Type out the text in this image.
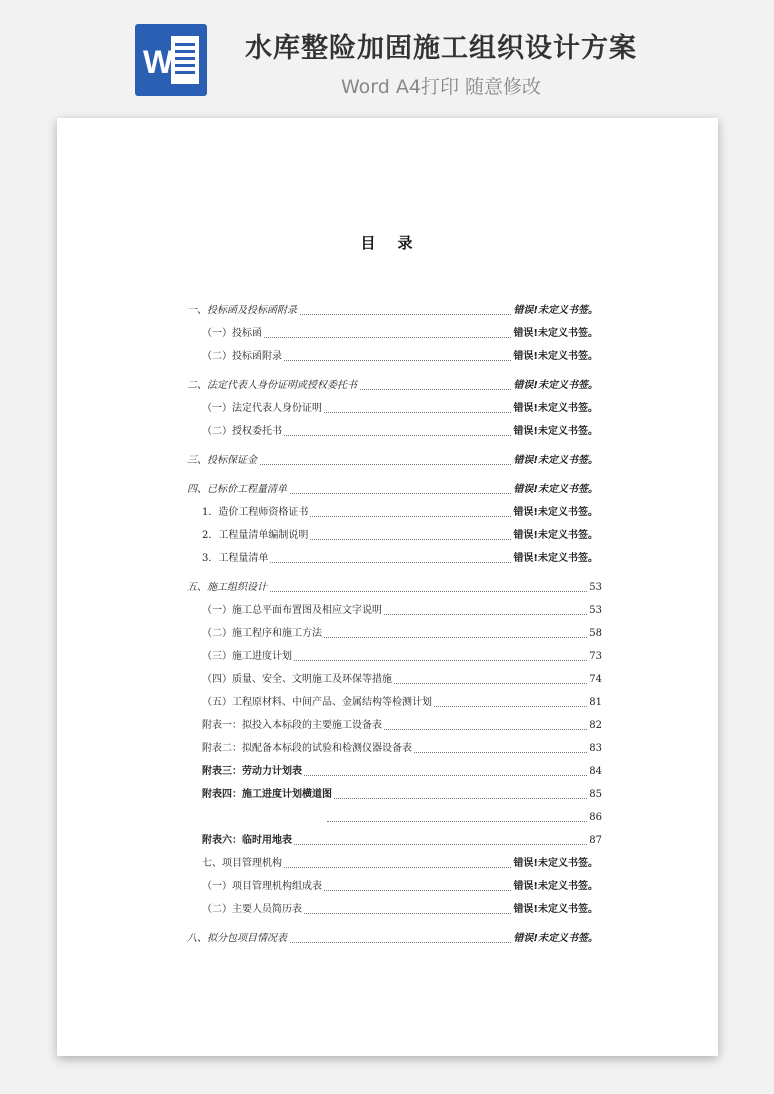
W	水库整险加固施工组织设计方案
Word A4打印 随意修改
目 录
一、投标函及投标函附录	错误!未定义书签。
（一）投标函	错误!未定义书签。
（二）投标函附录	错误!未定义书签。
二、法定代表人身份证明或授权委托书	错误!未定义书签。
（一）法定代表人身份证明	错误!未定义书签。
（二）授权委托书	错误!未定义书签。
三、投标保证金	错误!未定义书签。
四、已标价工程量清单	错误!未定义书签。
1．造价工程师资格证书	错误!未定义书签。
2．工程量清单编制说明	错误!未定义书签。
3．工程量清单	错误!未定义书签。
五、施工组织设计	53
（一）施工总平面布置图及相应文字说明	53
（二）施工程序和施工方法	58
（三）施工进度计划	73
（四）质量、安全、文明施工及环保等措施	74
（五）工程原材料、中间产品、金属结构等检测计划	81
附表一：拟投入本标段的主要施工设备表	82
附表二：拟配备本标段的试验和检测仪器设备表	83
附表三：劳动力计划表	84
附表四：施工进度计划横道图	85
86
附表六：临时用地表	87
七、项目管理机构	错误!未定义书签。
（一）项目管理机构组成表	错误!未定义书签。
（二）主要人员简历表	错误!未定义书签。
八、拟分包项目情况表	错误!未定义书签。
